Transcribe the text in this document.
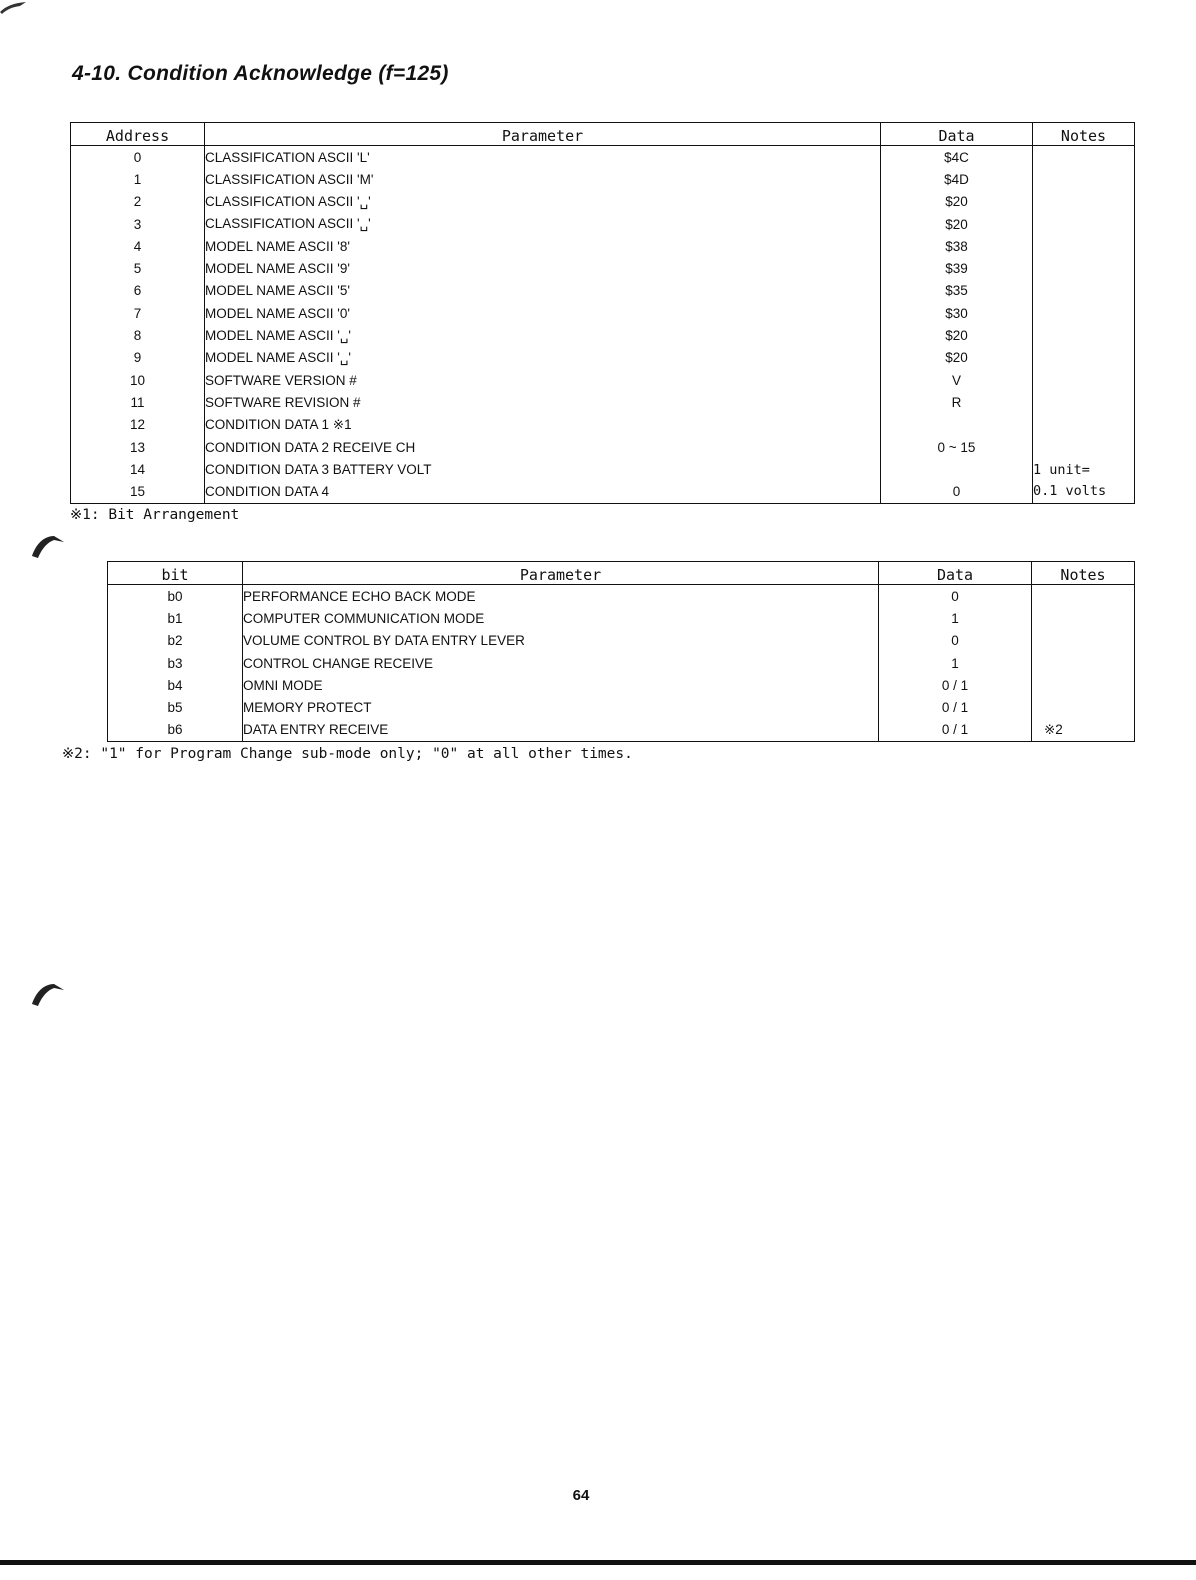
4-10. Condition Acknowledge (f=125)
Address	Parameter	Data	Notes
0	CLASSIFICATION ASCII 'L'	$4C	
1	CLASSIFICATION ASCII 'M'	$4D	
2	CLASSIFICATION ASCII '␣'	$20	
3	CLASSIFICATION ASCII '␣'	$20	
4	MODEL NAME ASCII '8'	$38	
5	MODEL NAME ASCII '9'	$39	
6	MODEL NAME ASCII '5'	$35	
7	MODEL NAME ASCII '0'	$30	
8	MODEL NAME ASCII '␣'	$20	
9	MODEL NAME ASCII '␣'	$20	
10	SOFTWARE VERSION #	V	
11	SOFTWARE REVISION #	R	
12	CONDITION DATA 1 ※1		
13	CONDITION DATA 2 RECEIVE CH	0 ~ 15	
14	CONDITION DATA 3 BATTERY VOLT		1 unit=
0.1 volts

15	CONDITION DATA 4	0	
※1: Bit Arrangement
bit	Parameter	Data	Notes
b0	PERFORMANCE ECHO BACK MODE	0	
b1	COMPUTER COMMUNICATION MODE	1	
b2	VOLUME CONTROL BY DATA ENTRY LEVER	0	
b3	CONTROL CHANGE RECEIVE	1	
b4	OMNI MODE	0 / 1	
b5	MEMORY PROTECT	0 / 1	
b6	DATA ENTRY RECEIVE	0 / 1	※2
※2: "1" for Program Change sub-mode only; "0" at all other times.
64
